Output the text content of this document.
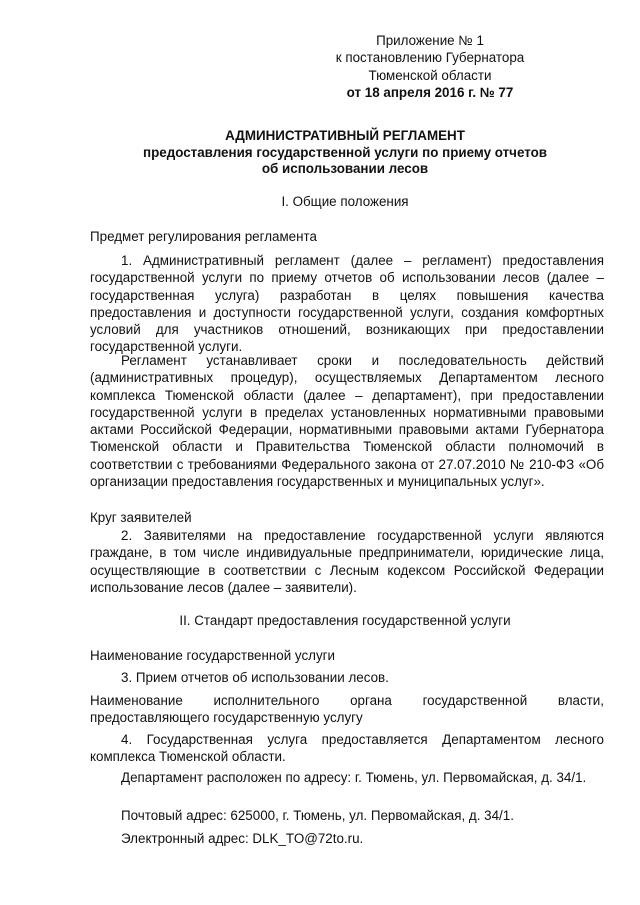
Приложение № 1
к постановлению Губернатора
Тюменской области
от 18 апреля 2016 г. № 77
АДМИНИСТРАТИВНЫЙ РЕГЛАМЕНТ
предоставления государственной услуги по приему отчетов
об использовании лесов
I. Общие положения
Предмет регулирования регламента
1. Административный регламент (далее – регламент) предоставления государственной услуги по приему отчетов об использовании лесов (далее – государственная услуга) разработан в целях повышения качества предоставления и доступности государственной услуги, создания комфортных условий для участников отношений, возникающих при предоставлении государственной услуги.
Регламент устанавливает сроки и последовательность действий (административных процедур), осуществляемых Департаментом лесного комплекса Тюменской области (далее – департамент), при предоставлении государственной услуги в пределах установленных нормативными правовыми актами Российской Федерации, нормативными правовыми актами Губернатора Тюменской области и Правительства Тюменской области полномочий в соответствии с требованиями Федерального закона от 27.07.2010 № 210-ФЗ «Об организации предоставления государственных и муниципальных услуг».
Круг заявителей
2. Заявителями на предоставление государственной услуги являются граждане, в том числе индивидуальные предприниматели, юридические лица, осуществляющие в соответствии с Лесным кодексом Российской Федерации использование лесов (далее – заявители).
II. Стандарт предоставления государственной услуги
Наименование государственной услуги
3. Прием отчетов об использовании лесов.
Наименование исполнительного органа государственной власти, предоставляющего государственную услугу
4. Государственная услуга предоставляется Департаментом лесного комплекса Тюменской области.
Департамент расположен по адресу: г. Тюмень, ул. Первомайская, д. 34/1.
Почтовый адрес: 625000, г. Тюмень, ул. Первомайская, д. 34/1.
Электронный адрес: DLK_TO@72to.ru.
